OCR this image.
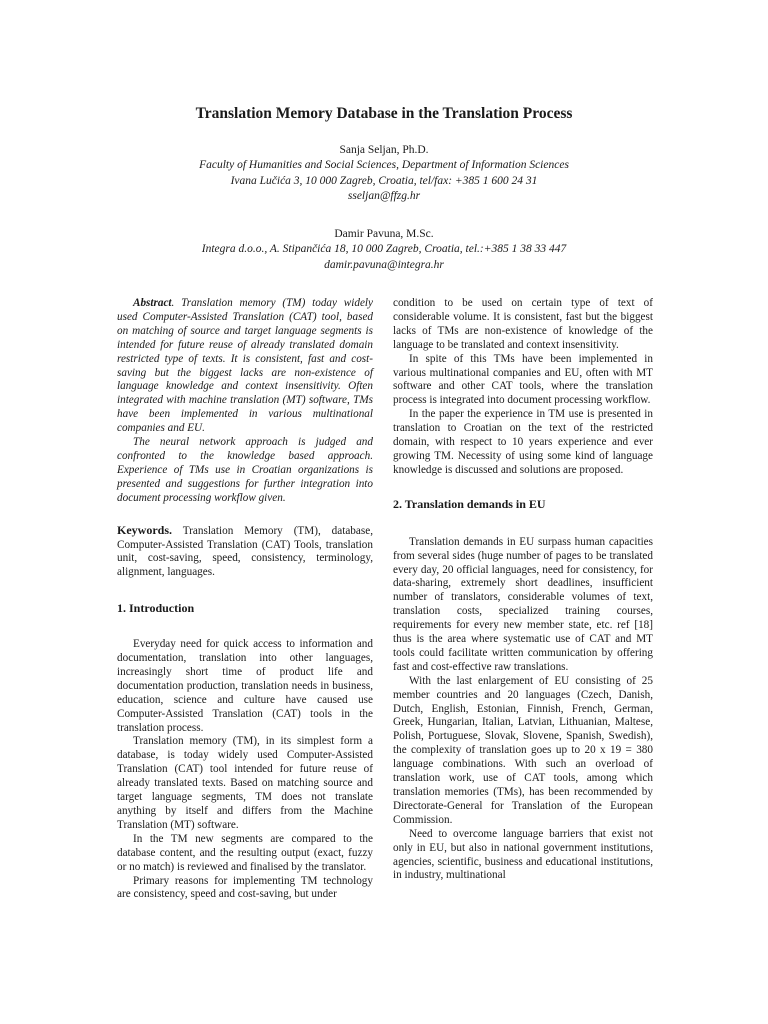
Translation Memory Database in the Translation Process
Sanja Seljan, Ph.D.
Faculty of Humanities and Social Sciences, Department of Information Sciences
Ivana Lučića 3, 10 000 Zagreb, Croatia, tel/fax: +385 1 600 24 31
sseljan@ffzg.hr
Damir Pavuna, M.Sc.
Integra d.o.o., A. Stipančića 18, 10 000 Zagreb, Croatia, tel.:+385 1 38 33 447
damir.pavuna@integra.hr

Abstract. Translation memory (TM) today widely used Computer-Assisted Translation (CAT) tool, based on matching of source and target language segments is intended for future reuse of already translated domain restricted type of texts. It is consistent, fast and cost-saving but the biggest lacks are non-existence of language knowledge and context insensitivity. Often integrated with machine translation (MT) software, TMs have been implemented in various multinational companies and EU.

The neural network approach is judged and confronted to the knowledge based approach. Experience of TMs use in Croatian organizations is presented and suggestions for further integration into document processing workflow given.

Keywords. Translation Memory (TM), database, Computer-Assisted Translation (CAT) Tools, translation unit, cost-saving, speed, consistency, terminology, alignment, languages.

1. Introduction

Everyday need for quick access to information and documentation, translation into other languages, increasingly short time of product life and documentation production, translation needs in business, education, science and culture have caused use Computer-Assisted Translation (CAT) tools in the translation process.

Translation memory (TM), in its simplest form a database, is today widely used Computer-Assisted Translation (CAT) tool intended for future reuse of already translated texts. Based on matching source and target language segments, TM does not translate anything by itself and differs from the Machine Translation (MT) software.

In the TM new segments are compared to the database content, and the resulting output (exact, fuzzy or no match) is reviewed and finalised by the translator.

Primary reasons for implementing TM technology are consistency, speed and cost-saving, but under

condition to be used on certain type of text of considerable volume. It is consistent, fast but the biggest lacks of TMs are non-existence of knowledge of the language to be translated and context insensitivity.

In spite of this TMs have been implemented in various multinational companies and EU, often with MT software and other CAT tools, where the translation process is integrated into document processing workflow.

In the paper the experience in TM use is presented in translation to Croatian on the text of the restricted domain, with respect to 10 years experience and ever growing TM. Necessity of using some kind of language knowledge is discussed and solutions are proposed.

2. Translation demands in EU

Translation demands in EU surpass human capacities from several sides (huge number of pages to be translated every day, 20 official languages, need for consistency, for data-sharing, extremely short deadlines, insufficient number of translators, considerable volumes of text, translation costs, specialized training courses, requirements for every new member state, etc. ref [18] thus is the area where systematic use of CAT and MT tools could facilitate written communication by offering fast and cost-effective raw translations.

With the last enlargement of EU consisting of 25 member countries and 20 languages (Czech, Danish, Dutch, English, Estonian, Finnish, French, German, Greek, Hungarian, Italian, Latvian, Lithuanian, Maltese, Polish, Portuguese, Slovak, Slovene, Spanish, Swedish), the complexity of translation goes up to 20 x 19 = 380 language combinations. With such an overload of translation work, use of CAT tools, among which translation memories (TMs), has been recommended by Directorate-General for Translation of the European Commission.

Need to overcome language barriers that exist not only in EU, but also in national government institutions, agencies, scientific, business and educational institutions, in industry, multinational
